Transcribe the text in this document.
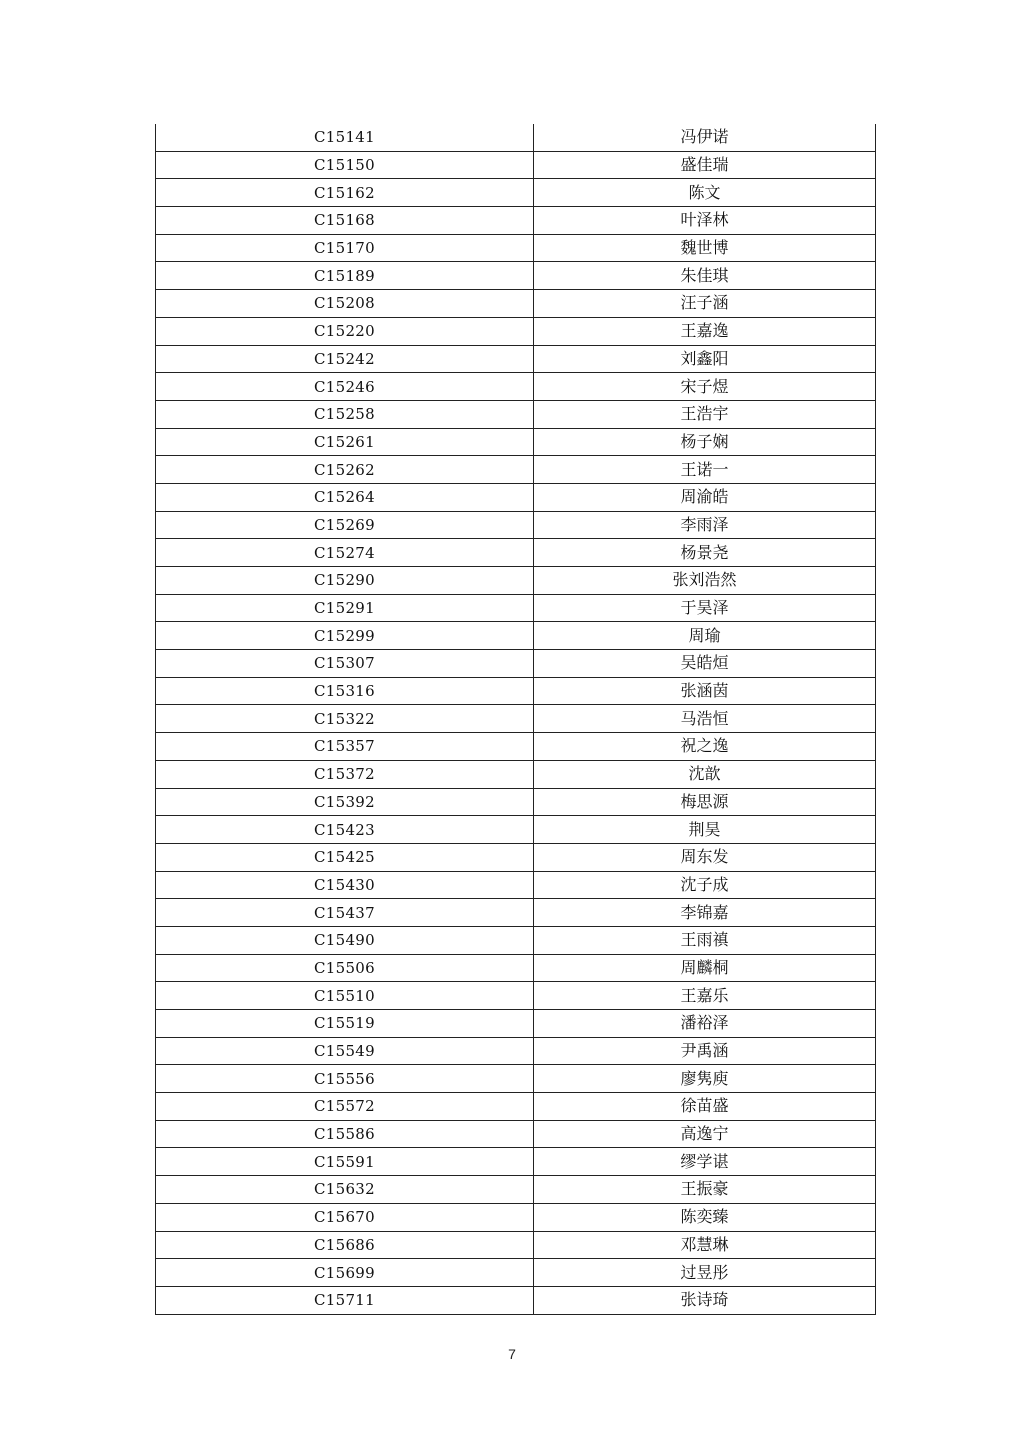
C15141	冯伊诺
C15150	盛佳瑞
C15162	陈文
C15168	叶泽林
C15170	魏世博
C15189	朱佳琪
C15208	汪子涵
C15220	王嘉逸
C15242	刘鑫阳
C15246	宋子煜
C15258	王浩宇
C15261	杨子娴
C15262	王诺一
C15264	周渝皓
C15269	李雨泽
C15274	杨景尧
C15290	张刘浩然
C15291	于昊泽
C15299	周瑜
C15307	吴皓烜
C15316	张涵茵
C15322	马浩恒
C15357	祝之逸
C15372	沈歆
C15392	梅思源
C15423	荆昊
C15425	周东发
C15430	沈子成
C15437	李锦嘉
C15490	王雨禛
C15506	周麟桐
C15510	王嘉乐
C15519	潘裕泽
C15549	尹禹涵
C15556	廖隽庾
C15572	徐苗盛
C15586	高逸宁
C15591	缪学谌
C15632	王振豪
C15670	陈奕臻
C15686	邓慧琳
C15699	过昱彤
C15711	张诗琦
7
